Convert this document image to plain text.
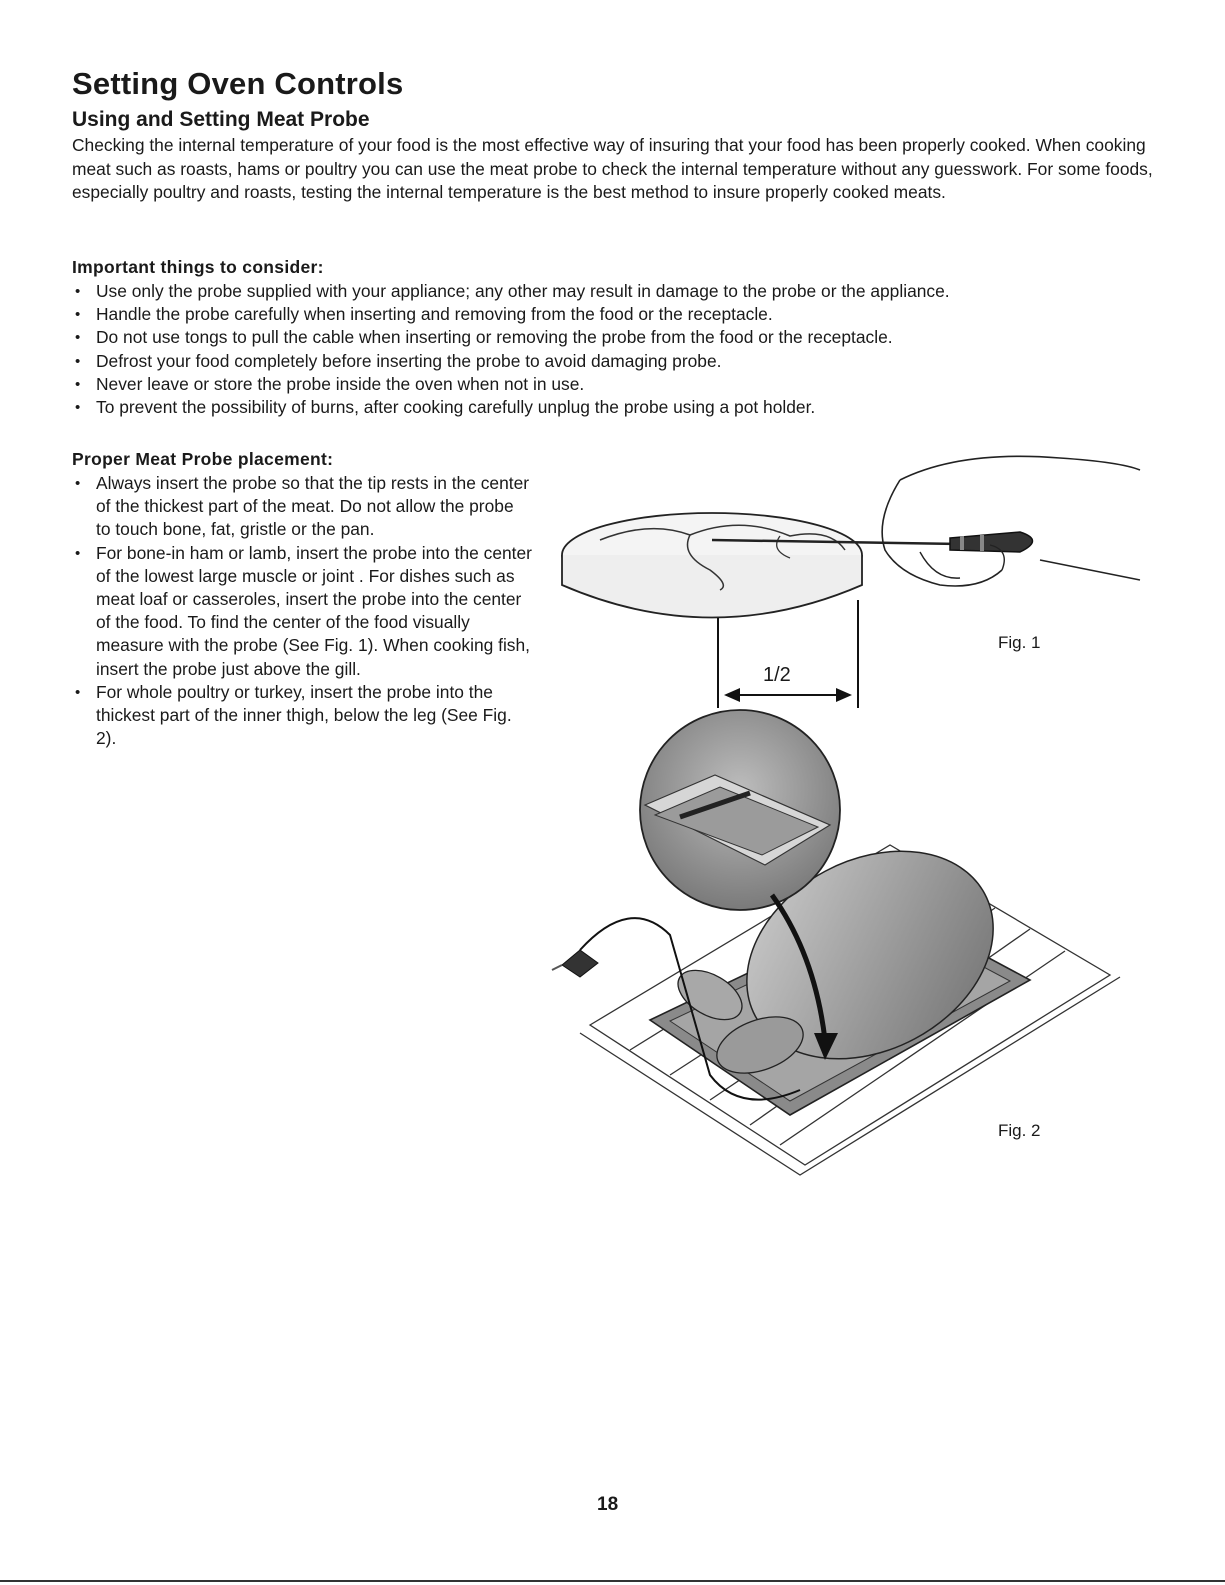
Setting Oven Controls
Using and Setting Meat Probe

Checking the internal temperature of your food is the most effective way of insuring that your food has been properly cooked. When cooking meat such as roasts, hams or poultry you can use the meat probe to check the internal temperature without any guesswork. For some foods, especially poultry and roasts, testing the internal temperature is the best method to insure properly cooked meats.

Important things to consider:
• Use only the probe supplied with your appliance; any other may result in damage to the probe or the appliance.
• Handle the probe carefully when inserting and removing from the food or the receptacle.
• Do not use tongs to pull the cable when inserting or removing the probe from the food or the receptacle.
• Defrost your food completely before inserting the probe to avoid damaging probe.
• Never leave or store the probe inside the oven when not in use.
• To prevent the possibility of burns, after cooking carefully unplug the probe using a pot holder.
Proper Meat Probe placement:
• Always insert the probe so that the tip rests in the center of the thickest part of the meat. Do not allow the probe to touch bone, fat, gristle or the pan.
• For bone-in ham or lamb, insert the probe into the center of the lowest large muscle or joint . For dishes such as meat loaf or casseroles, insert the probe into the center of the food. To find the center of the food visually measure with the probe (See Fig. 1). When cooking fish, insert the probe just above the gill.
• For whole poultry or turkey, insert the probe into the thickest part of the inner thigh, below the leg (See Fig. 2).
1/2
Fig. 1
Fig. 2
18
